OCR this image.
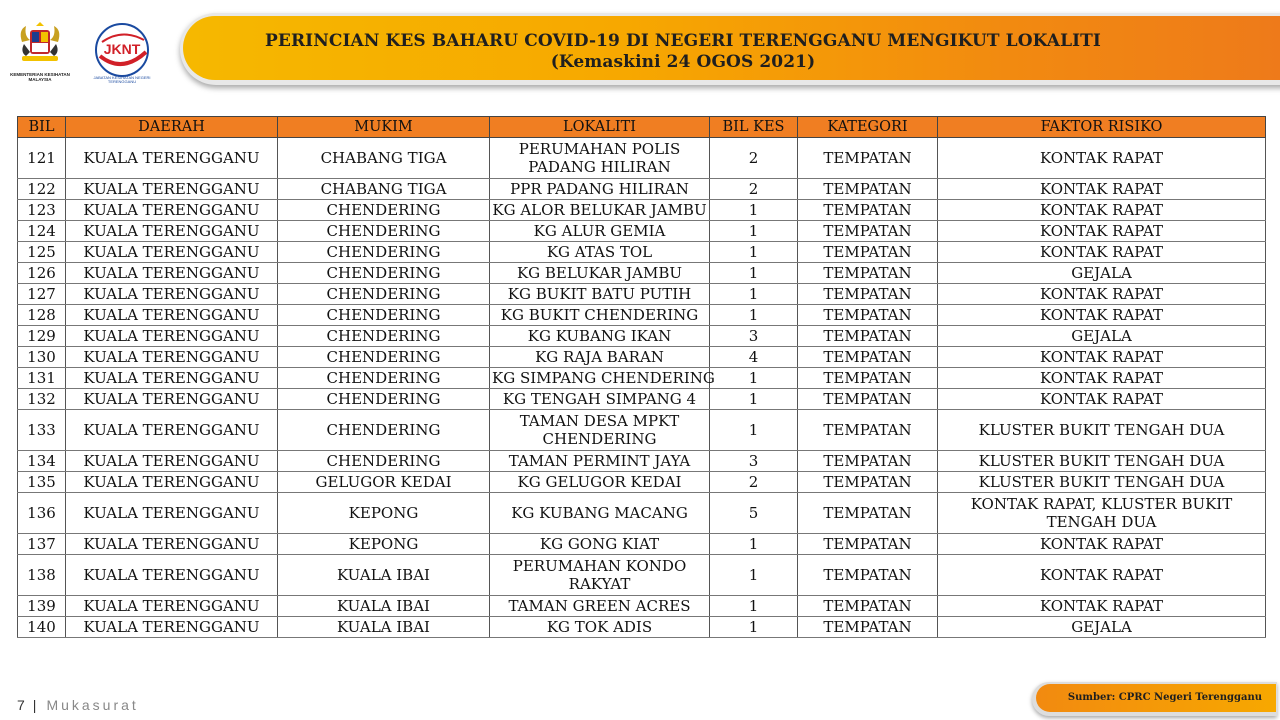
KEMENTERIAN KESIHATAN MALAYSIA
JKNT
JABATAN KESIHATAN NEGERI TERENGGANU
PERINCIAN KES BAHARU COVID-19 DI NEGERI TERENGGANU MENGIKUT LOKALITI
(Kemaskini 24 OGOS 2021)
BIL	DAERAH	MUKIM	LOKALITI	BIL KES	KATEGORI	FAKTOR RISIKO
121	KUALA TERENGGANU	CHABANG TIGA	PERUMAHAN POLIS PADANG HILIRAN	2	TEMPATAN	KONTAK RAPAT
122	KUALA TERENGGANU	CHABANG TIGA	PPR PADANG HILIRAN	2	TEMPATAN	KONTAK RAPAT
123	KUALA TERENGGANU	CHENDERING	KG ALOR BELUKAR JAMBU	1	TEMPATAN	KONTAK RAPAT
124	KUALA TERENGGANU	CHENDERING	KG ALUR GEMIA	1	TEMPATAN	KONTAK RAPAT
125	KUALA TERENGGANU	CHENDERING	KG ATAS TOL	1	TEMPATAN	KONTAK RAPAT
126	KUALA TERENGGANU	CHENDERING	KG BELUKAR JAMBU	1	TEMPATAN	GEJALA
127	KUALA TERENGGANU	CHENDERING	KG BUKIT BATU PUTIH	1	TEMPATAN	KONTAK RAPAT
128	KUALA TERENGGANU	CHENDERING	KG BUKIT CHENDERING	1	TEMPATAN	KONTAK RAPAT
129	KUALA TERENGGANU	CHENDERING	KG KUBANG IKAN	3	TEMPATAN	GEJALA
130	KUALA TERENGGANU	CHENDERING	KG RAJA BARAN	4	TEMPATAN	KONTAK RAPAT
131	KUALA TERENGGANU	CHENDERING	KG SIMPANG CHENDERING	1	TEMPATAN	KONTAK RAPAT
132	KUALA TERENGGANU	CHENDERING	KG TENGAH SIMPANG 4	1	TEMPATAN	KONTAK RAPAT
133	KUALA TERENGGANU	CHENDERING	TAMAN DESA MPKT CHENDERING	1	TEMPATAN	KLUSTER BUKIT TENGAH DUA
134	KUALA TERENGGANU	CHENDERING	TAMAN PERMINT JAYA	3	TEMPATAN	KLUSTER BUKIT TENGAH DUA
135	KUALA TERENGGANU	GELUGOR KEDAI	KG GELUGOR KEDAI	2	TEMPATAN	KLUSTER BUKIT TENGAH DUA
136	KUALA TERENGGANU	KEPONG	KG KUBANG MACANG	5	TEMPATAN	KONTAK RAPAT, KLUSTER BUKIT TENGAH DUA
137	KUALA TERENGGANU	KEPONG	KG GONG KIAT	1	TEMPATAN	KONTAK RAPAT
138	KUALA TERENGGANU	KUALA IBAI	PERUMAHAN KONDO RAKYAT	1	TEMPATAN	KONTAK RAPAT
139	KUALA TERENGGANU	KUALA IBAI	TAMAN GREEN ACRES	1	TEMPATAN	KONTAK RAPAT
140	KUALA TERENGGANU	KUALA IBAI	KG TOK ADIS	1	TEMPATAN	GEJALA
7 | Mukasurat	Sumber: CPRC Negeri Terengganu
